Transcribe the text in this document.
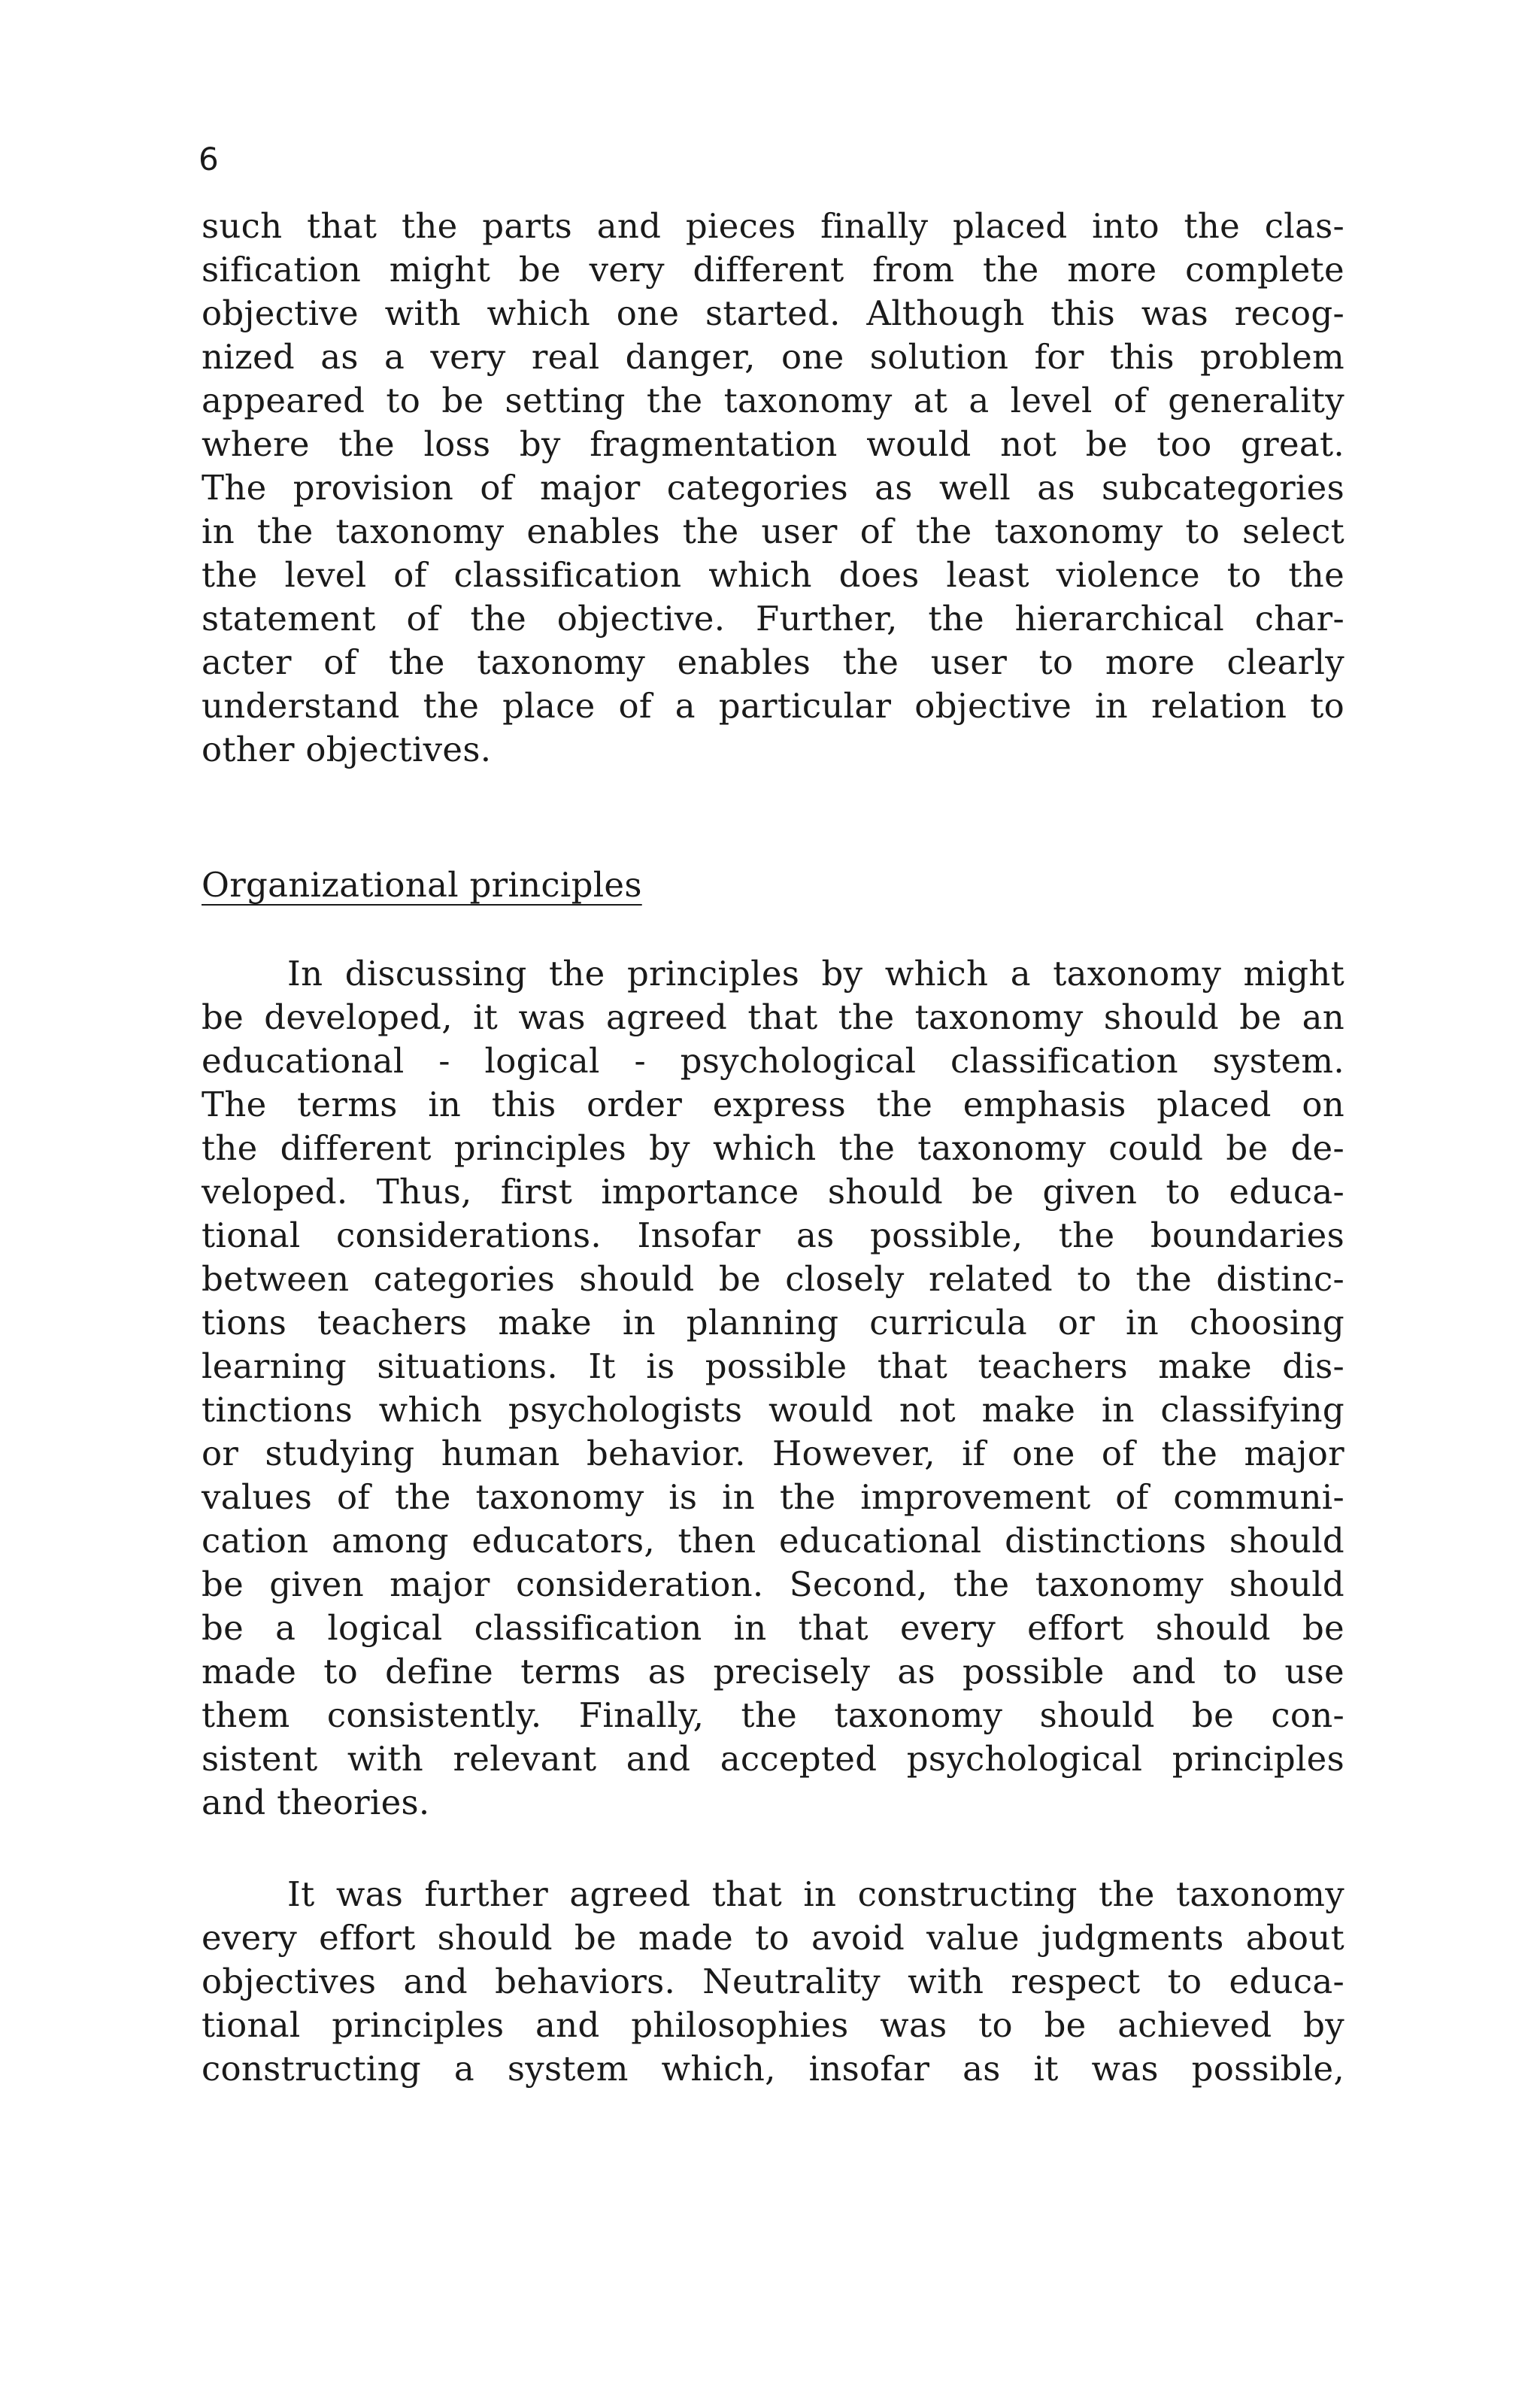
6
such that the parts and pieces finally placed into the clas-
sification might be very different from the more complete
objective with which one started. Although this was recog-
nized as a very real danger, one solution for this problem
appeared to be setting the taxonomy at a level of generality
where the loss by fragmentation would not be too great.
The provision of major categories as well as subcategories
in the taxonomy enables the user of the taxonomy to select
the level of classification which does least violence to the
statement of the objective. Further, the hierarchical char-
acter of the taxonomy enables the user to more clearly
understand the place of a particular objective in relation to
other objectives.
Organizational principles
In discussing the principles by which a taxonomy might
be developed, it was agreed that the taxonomy should be an
educational - logical - psychological classification system.
The terms in this order express the emphasis placed on
the different principles by which the taxonomy could be de-
veloped. Thus, first importance should be given to educa-
tional considerations. Insofar as possible, the boundaries
between categories should be closely related to the distinc-
tions teachers make in planning curricula or in choosing
learning situations. It is possible that teachers make dis-
tinctions which psychologists would not make in classifying
or studying human behavior. However, if one of the major
values of the taxonomy is in the improvement of communi-
cation among educators, then educational distinctions should
be given major consideration. Second, the taxonomy should
be a logical classification in that every effort should be
made to define terms as precisely as possible and to use
them consistently. Finally, the taxonomy should be con-
sistent with relevant and accepted psychological principles
and theories.
It was further agreed that in constructing the taxonomy
every effort should be made to avoid value judgments about
objectives and behaviors. Neutrality with respect to educa-
tional principles and philosophies was to be achieved by
constructing a system which, insofar as it was possible,
